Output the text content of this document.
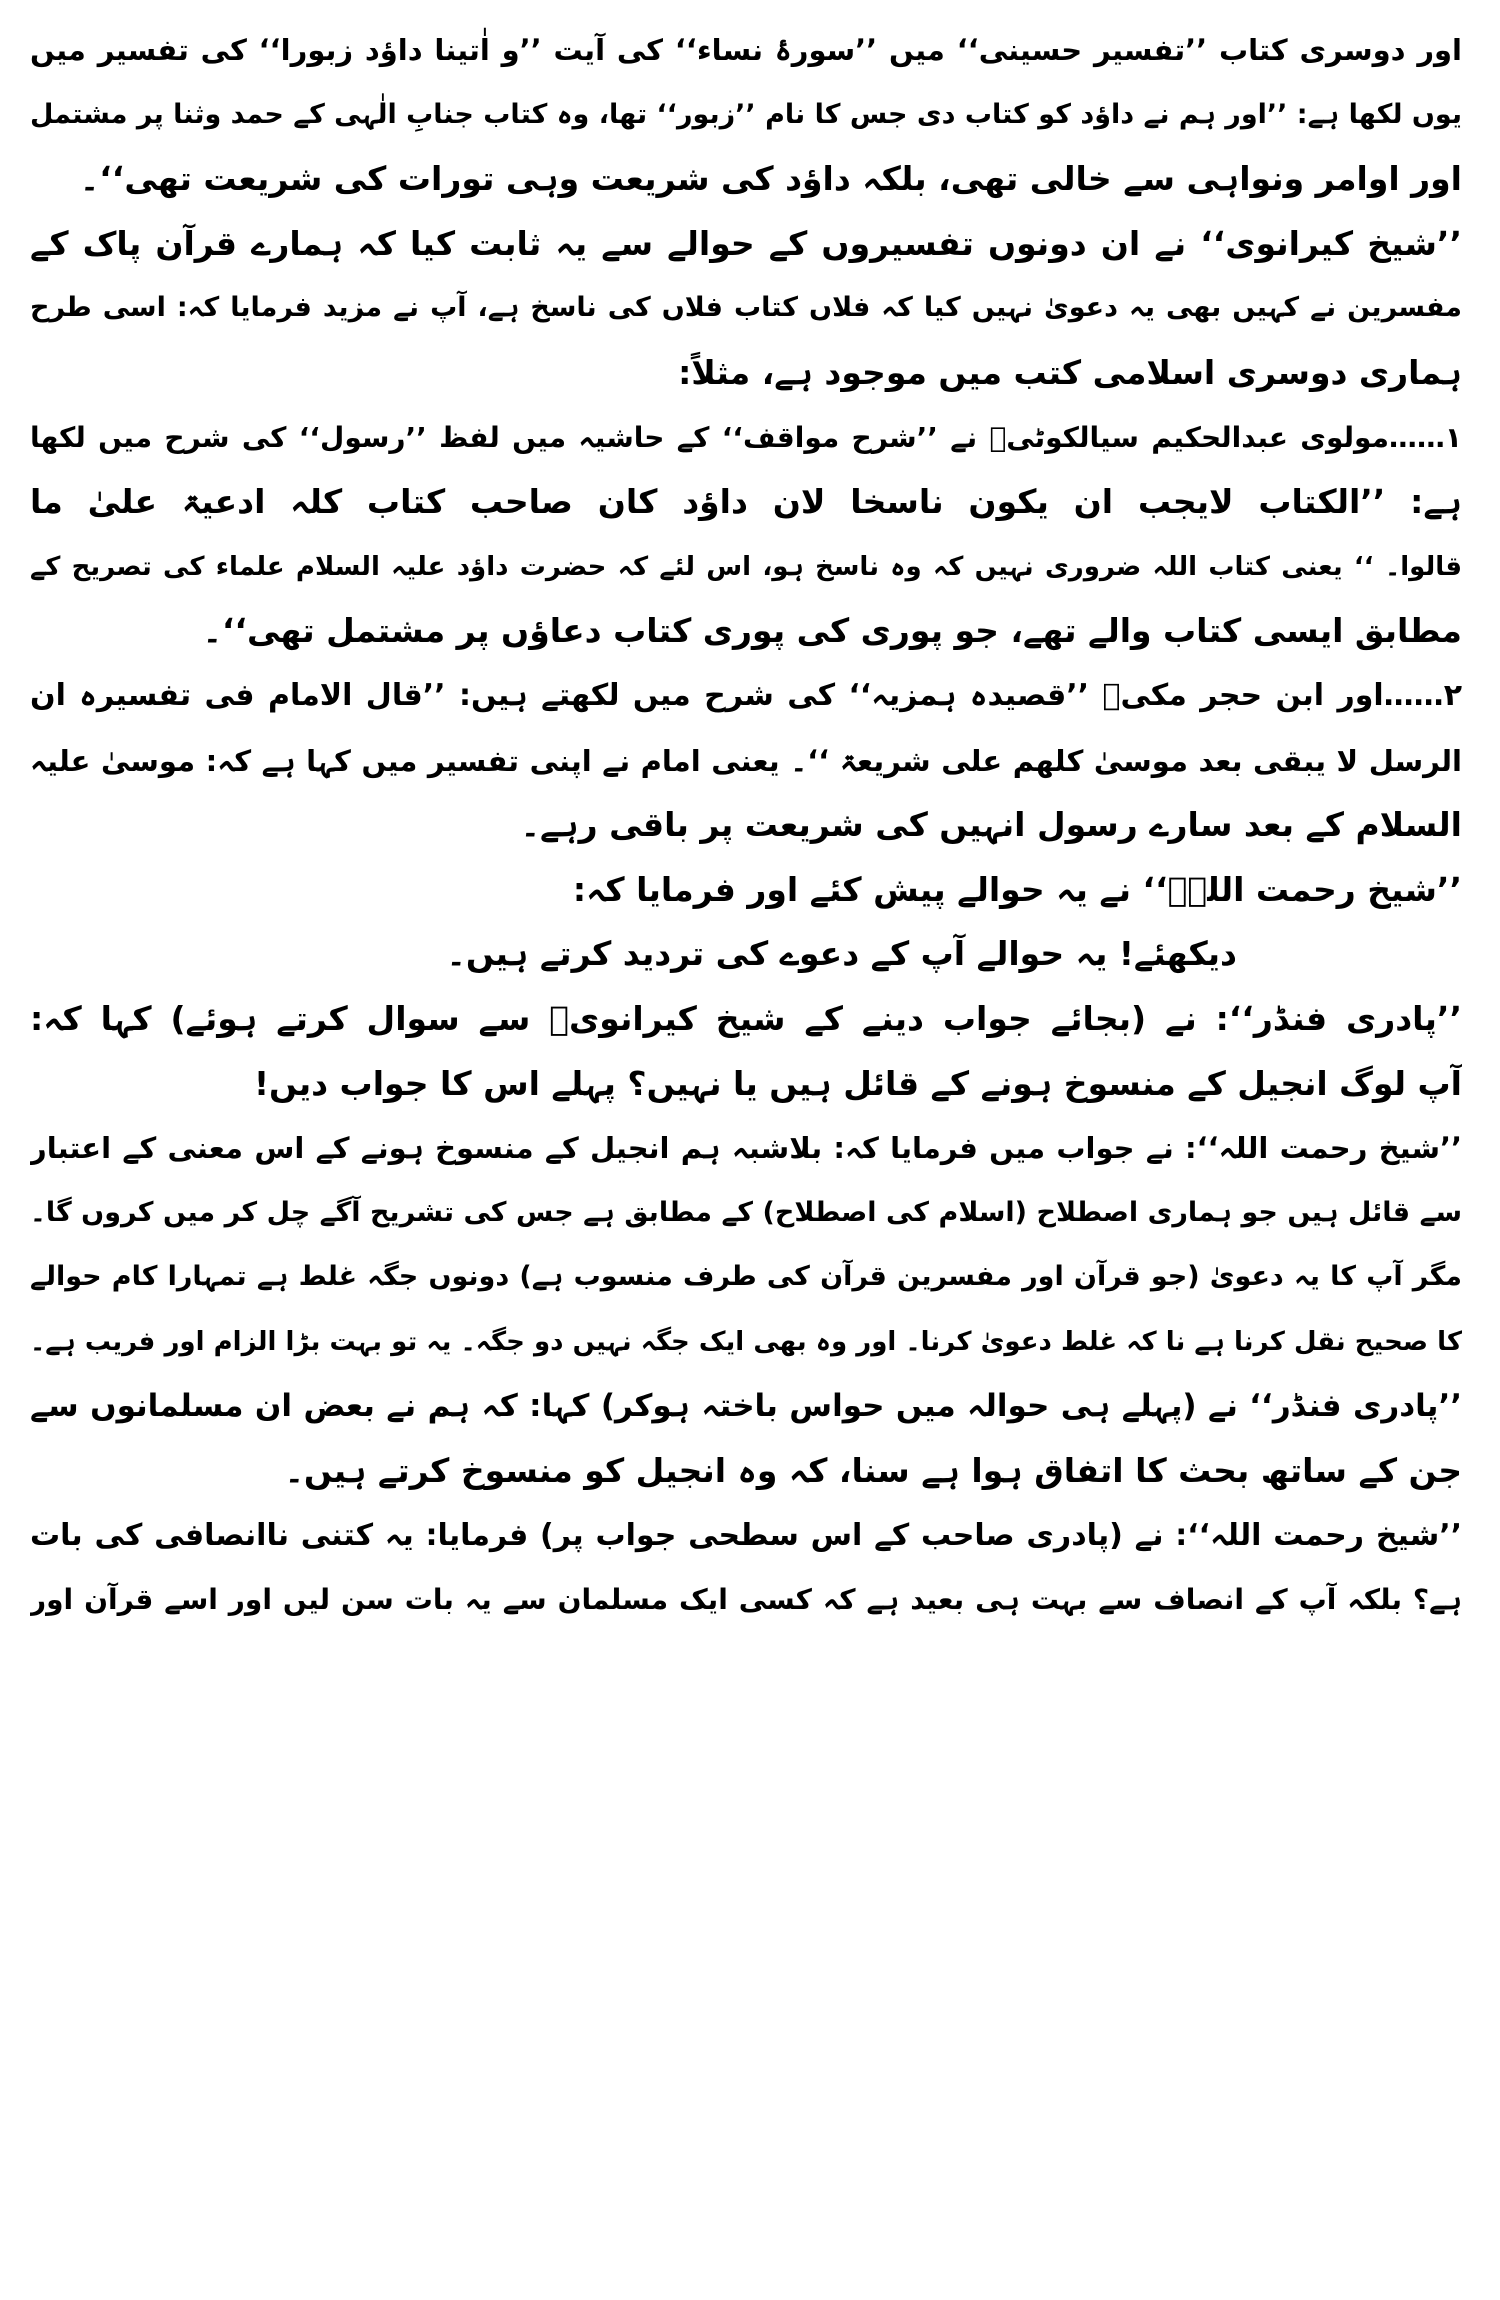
اور دوسری کتاب ’’تفسیر حسینی‘‘ میں ’’سورۂ نساء‘‘ کی آیت ’’و اٰتینا داؤد زبورا‘‘ کی تفسیر میں
یوں لکھا ہے: ’’اور ہم نے داؤد کو کتاب دی جس کا نام ’’زبور‘‘ تھا، وہ کتاب جنابِ الٰہی کے حمد وثنا پر مشتمل
اور اوامر ونواہی سے خالی تھی، بلکہ داؤد کی شریعت وہی تورات کی شریعت تھی‘‘۔
’’شیخ کیرانوی‘‘ نے ان دونوں تفسیروں کے حوالے سے یہ ثابت کیا کہ ہمارے قرآن پاک کے
مفسرین نے کہیں بھی یہ دعویٰ نہیں کیا کہ فلاں کتاب فلاں کی ناسخ ہے، آپ نے مزید فرمایا کہ: اسی طرح
ہماری دوسری اسلامی کتب میں موجود ہے، مثلاً:
۱……مولوی عبدالحکیم سیالکوٹیؒ نے ’’شرح مواقف‘‘ کے حاشیہ میں لفظ ’’رسول‘‘ کی شرح میں لکھا
ہے: ’’الکتاب لایجب ان یکون ناسخا لان داؤد کان صاحب کتاب کلہ ادعیۃ علیٰ ما
قالوا۔ ‘‘ یعنی کتاب اللہ ضروری نہیں کہ وہ ناسخ ہو، اس لئے کہ حضرت داؤد علیہ السلام علماء کی تصریح کے
مطابق ایسی کتاب والے تھے، جو پوری کی پوری کتاب دعاؤں پر مشتمل تھی‘‘۔
۲……اور ابن حجر مکیؒ ’’قصیدہ ہمزیہ‘‘ کی شرح میں لکھتے ہیں: ’’قال الامام فی تفسیرہ ان
الرسل لا یبقی بعد موسیٰ کلھم علی شریعۃ ‘‘۔ یعنی امام نے اپنی تفسیر میں کہا ہے کہ: موسیٰ علیہ
السلام کے بعد سارے رسول انہیں کی شریعت پر باقی رہے۔
’’شیخ رحمت اللہؒ‘‘ نے یہ حوالے پیش کئے اور فرمایا کہ:
دیکھئے! یہ حوالے آپ کے دعوے کی تردید کرتے ہیں۔
’’پادری فنڈر‘‘: نے (بجائے جواب دینے کے شیخ کیرانویؒ سے سوال کرتے ہوئے) کہا کہ:
آپ لوگ انجیل کے منسوخ ہونے کے قائل ہیں یا نہیں؟ پہلے اس کا جواب دیں!
’’شیخ رحمت اللہ‘‘: نے جواب میں فرمایا کہ: بلاشبہ ہم انجیل کے منسوخ ہونے کے اس معنی کے اعتبار
سے قائل ہیں جو ہماری اصطلاح (اسلام کی اصطلاح) کے مطابق ہے جس کی تشریح آگے چل کر میں کروں گا۔
مگر آپ کا یہ دعویٰ (جو قرآن اور مفسرین قرآن کی طرف منسوب ہے) دونوں جگہ غلط ہے تمہارا کام حوالے
کا صحیح نقل کرنا ہے نا کہ غلط دعویٰ کرنا۔ اور وہ بھی ایک جگہ نہیں دو جگہ۔ یہ تو بہت بڑا الزام اور فریب ہے۔
’’پادری فنڈر‘‘ نے (پہلے ہی حوالہ میں حواس باختہ ہوکر) کہا: کہ ہم نے بعض ان مسلمانوں سے
جن کے ساتھ بحث کا اتفاق ہوا ہے سنا، کہ وہ انجیل کو منسوخ کرتے ہیں۔
’’شیخ رحمت اللہ‘‘: نے (پادری صاحب کے اس سطحی جواب پر) فرمایا: یہ کتنی ناانصافی کی بات
ہے؟ بلکہ آپ کے انصاف سے بہت ہی بعید ہے کہ کسی ایک مسلمان سے یہ بات سن لیں اور اسے قرآن اور
